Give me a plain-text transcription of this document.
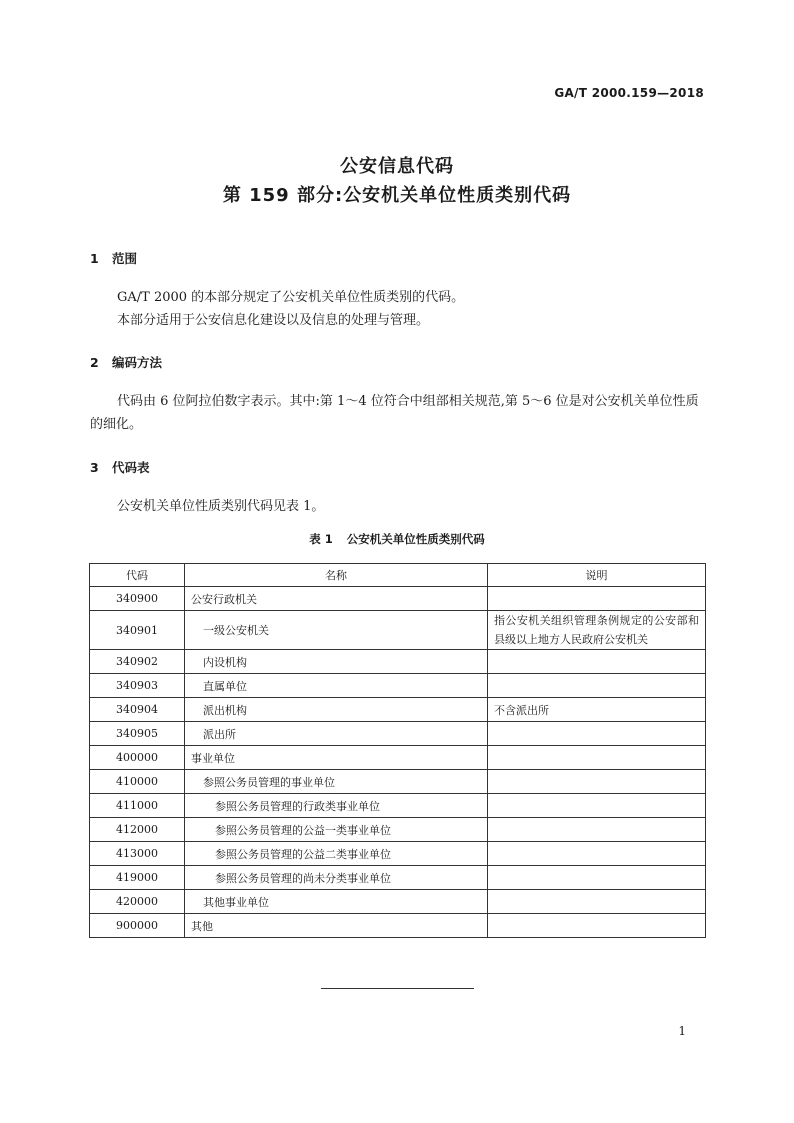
GA/T 2000.159—2018
公安信息代码
第 159 部分:公安机关单位性质类别代码
1 范围
GA/T 2000 的本部分规定了公安机关单位性质类别的代码。
本部分适用于公安信息化建设以及信息的处理与管理。
2 编码方法
代码由 6 位阿拉伯数字表示。其中:第 1～4 位符合中组部相关规范,第 5～6 位是对公安机关单位性质的细化。
3 代码表
公安机关单位性质类别代码见表 1。
表 1 公安机关单位性质类别代码
代码	名称	说明
340900	公安行政机关	
340901	一级公安机关	指公安机关组织管理条例规定的公安部和县级以上地方人民政府公安机关
340902	内设机构	
340903	直属单位	
340904	派出机构	不含派出所
340905	派出所	
400000	事业单位	
410000	参照公务员管理的事业单位	
411000	参照公务员管理的行政类事业单位	
412000	参照公务员管理的公益一类事业单位	
413000	参照公务员管理的公益二类事业单位	
419000	参照公务员管理的尚未分类事业单位	
420000	其他事业单位	
900000	其他	
1
